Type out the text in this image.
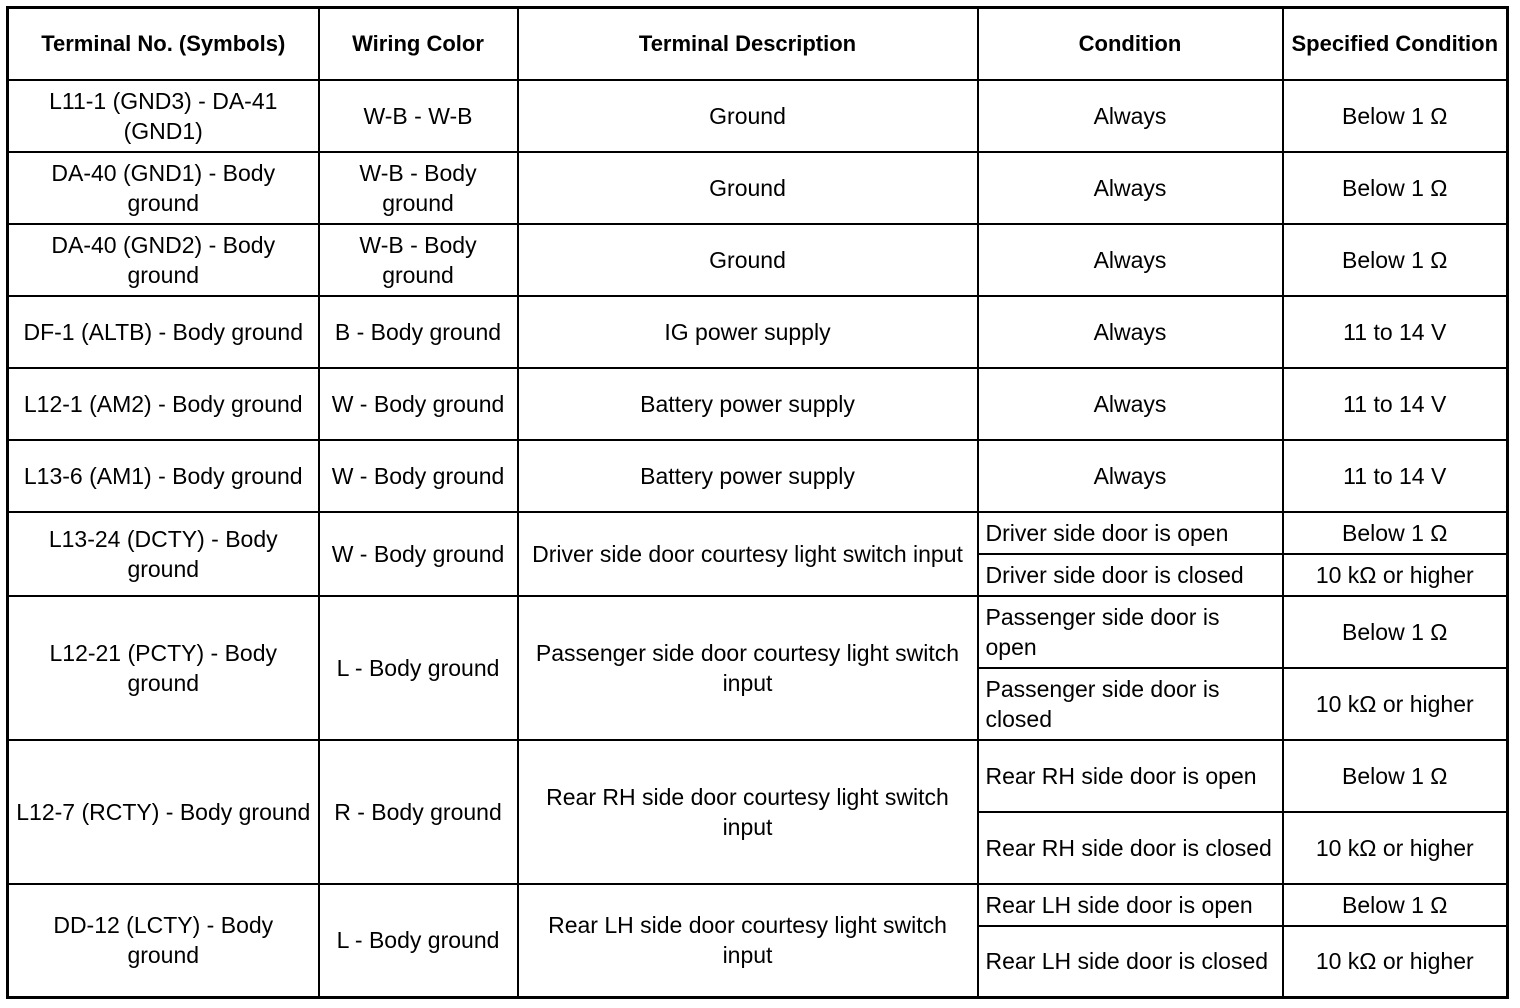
Terminal No. (Symbols)	Wiring Color	Terminal Description	Condition	Specified Condition
L11-1 (GND3) - DA-41 (GND1)	W-B - W-B	Ground	Always	Below 1 Ω
DA-40 (GND1) - Body ground	W-B - Body ground	Ground	Always	Below 1 Ω
DA-40 (GND2) - Body ground	W-B - Body ground	Ground	Always	Below 1 Ω
DF-1 (ALTB) - Body ground	B - Body ground	IG power supply	Always	11 to 14 V
L12-1 (AM2) - Body ground	W - Body ground	Battery power supply	Always	11 to 14 V
L13-6 (AM1) - Body ground	W - Body ground	Battery power supply	Always	11 to 14 V
L13-24 (DCTY) - Body ground	W - Body ground	Driver side door courtesy light switch input	Driver side door is open	Below 1 Ω
			Driver side door is closed	10 kΩ or higher
L12-21 (PCTY) - Body ground	L - Body ground	Passenger side door courtesy light switch input	Passenger side door is open	Below 1 Ω
			Passenger side door is closed	10 kΩ or higher
L12-7 (RCTY) - Body ground	R - Body ground	Rear RH side door courtesy light switch input	Rear RH side door is open	Below 1 Ω
			Rear RH side door is closed	10 kΩ or higher
DD-12 (LCTY) - Body ground	L - Body ground	Rear LH side door courtesy light switch input	Rear LH side door is open	Below 1 Ω
			Rear LH side door is closed	10 kΩ or higher
